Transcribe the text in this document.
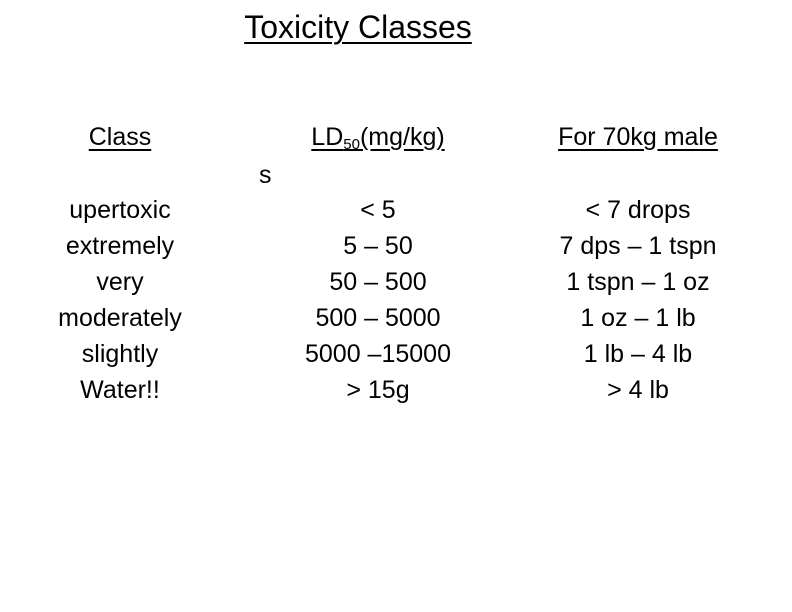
Toxicity Classes
Class
upertoxic
extremely
very
moderately
slightly
Water!!
s
$LD_{50}(mg/kg)$
< 5
5 – 50
50 – 500
500 – 5000
5000 –15000
> 15g
For 70kg male
< 7 drops
7 dps – 1 tspn
1 tspn – 1 oz
1 oz – 1 lb
1 lb – 4 lb
> 4 lb
